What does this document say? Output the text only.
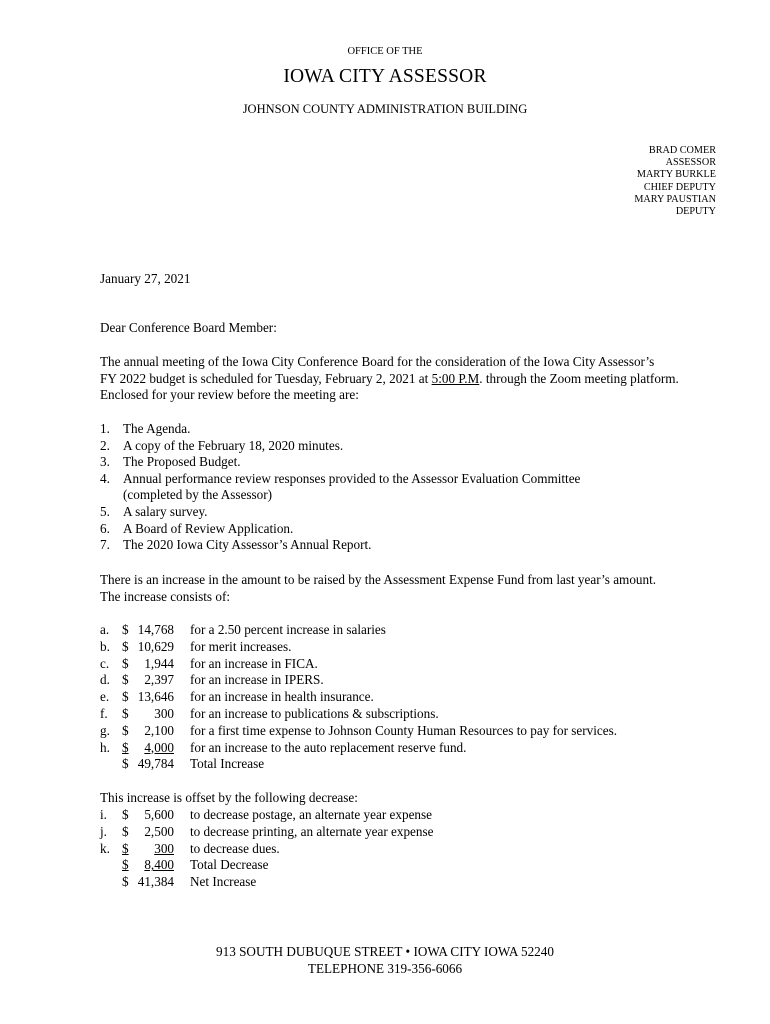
OFFICE OF THE
IOWA CITY ASSESSOR
JOHNSON COUNTY ADMINISTRATION BUILDING
BRAD COMER
ASSESSOR
MARTY BURKLE
CHIEF DEPUTY
MARY PAUSTIAN
DEPUTY
January 27, 2021
Dear Conference Board Member:
The annual meeting of the Iowa City Conference Board for the consideration of the Iowa City Assessor’s
FY 2022 budget is scheduled for Tuesday, February 2, 2021 at 5:00 P.M. through the Zoom meeting platform.
Enclosed for your review before the meeting are:
1. The Agenda.
2. A copy of the February 18, 2020 minutes.
3. The Proposed Budget.
4. Annual performance review responses provided to the Assessor Evaluation Committee
(completed by the Assessor)
5. A salary survey.
6. A Board of Review Application.
7. The 2020 Iowa City Assessor’s Annual Report.
There is an increase in the amount to be raised by the Assessment Expense Fund from last year’s amount.
The increase consists of:
a. $ 14,768 for a 2.50 percent increase in salaries
b. $ 10,629 for merit increases.
c. $	1,944 for an increase in FICA.
d. $	2,397 for an increase in IPERS.
e. $ 13,646 for an increase in health insurance.
f.	$	300 for an increase to publications & subscriptions.
g. $	2,100 for a first time expense to Johnson County Human Resources to pay for services.
h. $	4,000 for an increase to the auto replacement reserve fund.
$ 49,784 Total Increase
This increase is offset by the following decrease:
i.	$	5,600 to decrease postage, an alternate year expense
j.	$	2,500 to decrease printing, an alternate year expense
k. $	300 to decrease dues.
$	8,400 Total Decrease
$ 41,384 Net Increase
913 SOUTH DUBUQUE STREET • IOWA CITY IOWA 52240
TELEPHONE 319-356-6066
